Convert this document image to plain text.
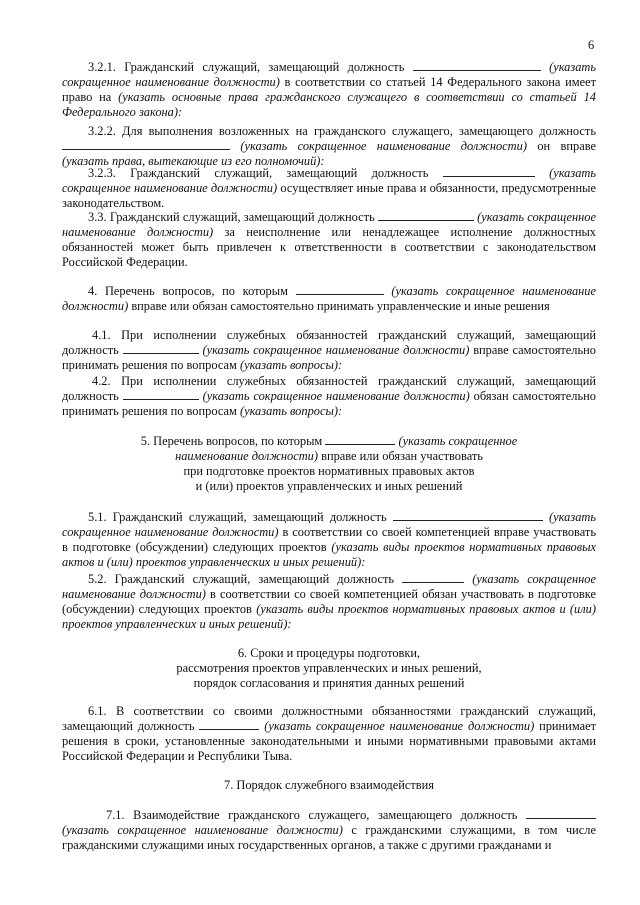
6
3.2.1. Гражданский служащий, замещающий должность	(указать сокращенное наименование должности) в соответствии со статьей 14 Федерального закона имеет право на (указать основные права гражданского служащего в соответствии со статьей 14 Федерального закона):
3.2.2. Для выполнения возложенных на гражданского служащего, замещающего должность  (указать сокращенное наименование должности) он вправе (указать права, вытекающие из его полномочий):
3.2.3. Гражданский служащий, замещающий должность	(указать сокращенное наименование должности) осуществляет иные права и обязанности, предусмотренные законодательством.
3.3. Гражданский служащий, замещающий должность	(указать сокращенное наименование должности) за неисполнение или ненадлежащее исполнение должностных обязанностей может быть привлечен к ответственности в соответствии с законодательством Российской Федерации.
4. Перечень вопросов, по которым	(указать сокращенное наименование должности) вправе или обязан самостоятельно принимать управленческие и иные решения
4.1. При исполнении служебных обязанностей гражданский служащий, замещающий должность	(указать сокращенное наименование должности) вправе самостоятельно принимать решения по вопросам (указать вопросы):
4.2. При исполнении служебных обязанностей гражданский служащий, замещающий должность	(указать сокращенное наименование должности) обязан самостоятельно принимать решения по вопросам (указать вопросы):
5. Перечень вопросов, по которым	(указать сокращенное
наименование должности) вправе или обязан участвовать
при подготовке проектов нормативных правовых актов
и (или) проектов управленческих и иных решений
5.1. Гражданский служащий, замещающий должность	(указать сокращенное наименование должности) в соответствии со своей компетенцией вправе участвовать в подготовке (обсуждении) следующих проектов (указать виды проектов нормативных правовых актов и (или) проектов управленческих и иных решений):
5.2. Гражданский служащий, замещающий должность	(указать сокращенное наименование должности) в соответствии со своей компетенцией обязан участвовать в подготовке (обсуждении) следующих проектов (указать виды проектов нормативных правовых актов и (или) проектов управленческих и иных решений):
6. Сроки и процедуры подготовки,
рассмотрения проектов управленческих и иных решений,
порядок согласования и принятия данных решений
6.1. В соответствии со своими должностными обязанностями гражданский служащий, замещающий должность	(указать сокращенное наименование должности) принимает решения в сроки, установленные законодательными и иными нормативными правовыми актами Российской Федерации и Республики Тыва.
7. Порядок служебного взаимодействия
7.1. Взаимодействие гражданского служащего, замещающего должность  (указать сокращенное наименование должности) с гражданскими служащими, в том числе гражданскими служащими иных государственных органов, а также с другими гражданами и
